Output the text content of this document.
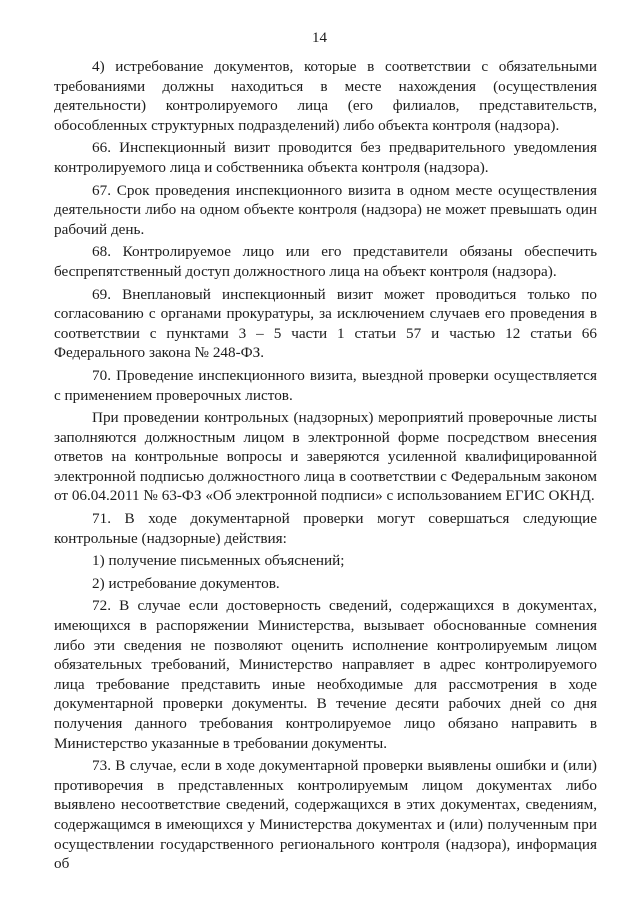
14

4) истребование документов, которые в соответствии с обязательными требованиями должны находиться в месте нахождения (осуществления деятельности) контролируемого лица (его филиалов, представительств, обособленных структурных подразделений) либо объекта контроля (надзора).

66. Инспекционный визит проводится без предварительного уведомления контролируемого лица и собственника объекта контроля (надзора).

67. Срок проведения инспекционного визита в одном месте осуществления деятельности либо на одном объекте контроля (надзора) не может превышать один рабочий день.

68. Контролируемое лицо или его представители обязаны обеспечить беспрепятственный доступ должностного лица на объект контроля (надзора).

69. Внеплановый инспекционный визит может проводиться только по согласованию с органами прокуратуры, за исключением случаев его проведения в соответствии с пунктами 3 – 5 части 1 статьи 57 и частью 12 статьи 66 Федерального закона № 248-ФЗ.

70. Проведение инспекционного визита, выездной проверки осуществляется с применением проверочных листов.

При проведении контрольных (надзорных) мероприятий проверочные листы заполняются должностным лицом в электронной форме посредством внесения ответов на контрольные вопросы и заверяются усиленной квалифицированной электронной подписью должностного лица в соответствии с Федеральным законом от 06.04.2011 № 63-ФЗ «Об электронной подписи» с использованием ЕГИС ОКНД.

71. В ходе документарной проверки могут совершаться следующие контрольные (надзорные) действия:

1) получение письменных объяснений;

2) истребование документов.

72. В случае если достоверность сведений, содержащихся в документах, имеющихся в распоряжении Министерства, вызывает обоснованные сомнения либо эти сведения не позволяют оценить исполнение контролируемым лицом обязательных требований, Министерство направляет в адрес контролируемого лица требование представить иные необходимые для рассмотрения в ходе документарной проверки документы. В течение десяти рабочих дней со дня получения данного требования контролируемое лицо обязано направить в Министерство указанные в требовании документы.

73. В случае, если в ходе документарной проверки выявлены ошибки и (или) противоречия в представленных контролируемым лицом документах либо выявлено несоответствие сведений, содержащихся в этих документах, сведениям, содержащимся в имеющихся у Министерства документах и (или) полученным при осуществлении государственного регионального контроля (надзора), информация об
